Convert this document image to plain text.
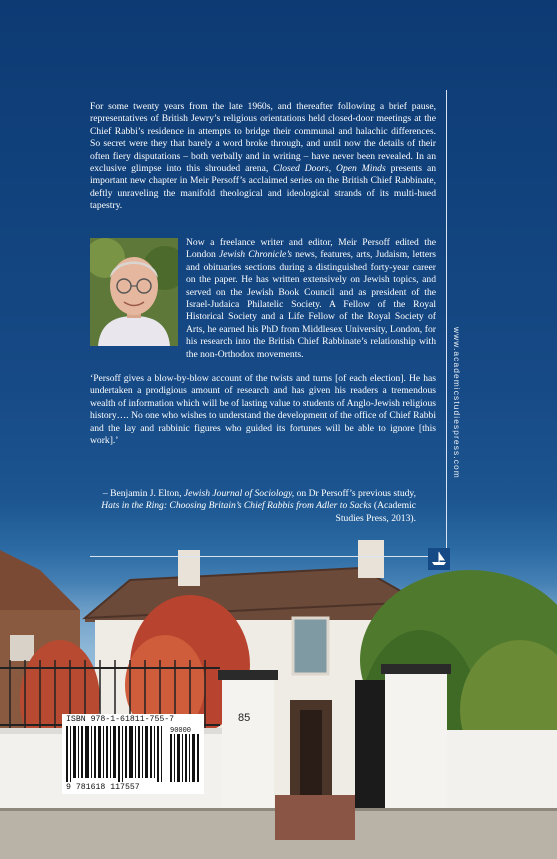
For some twenty years from the late 1960s, and thereafter following a brief pause, representatives of British Jewry’s religious orientations held closed-door meetings at the Chief Rabbi’s residence in attempts to bridge their communal and halachic differences. So secret were they that barely a word broke through, and until now the details of their often fiery disputations – both verbally and in writing – have never been revealed. In an exclusive glimpse into this shrouded arena, Closed Doors, Open Minds presents an important new chapter in Meir Persoff’s acclaimed series on the British Chief Rabbinate, deftly unraveling the manifold theological and ideological strands of its multi-hued tapestry.

Now a freelance writer and editor, Meir Persoff edited the London Jewish Chronicle’s news, features, arts, Judaism, letters and obituaries sections during a distinguished forty-year career on the paper. He has written extensively on Jewish topics, and served on the Jewish Book Council and as president of the Israel-Judaica Philatelic Society. A Fellow of the Royal Historical Society and a Life Fellow of the Royal Society of Arts, he earned his PhD from Middlesex University, London, for his research into the British Chief Rabbinate’s relationship with the non-Orthodox movements.

‘Persoff gives a blow-by-blow account of the twists and turns [of each election]. He has undertaken a prodigious amount of research and has given his readers a tremendous wealth of information which will be of lasting value to students of Anglo-Jewish religious history…. No one who wishes to understand the development of the office of Chief Rabbi and the lay and rabbinic figures who guided its fortunes will be able to ignore [this work].’

– Benjamin J. Elton, Jewish Journal of Sociology, on Dr Persoff’s previous study, Hats in the Ring: Choosing Britain’s Chief Rabbis from Adler to Sacks (Academic Studies Press, 2013).

www.academicstudiespress.com
85
ISBN 978-1-61811-755-7
90000
9 781618 117557
